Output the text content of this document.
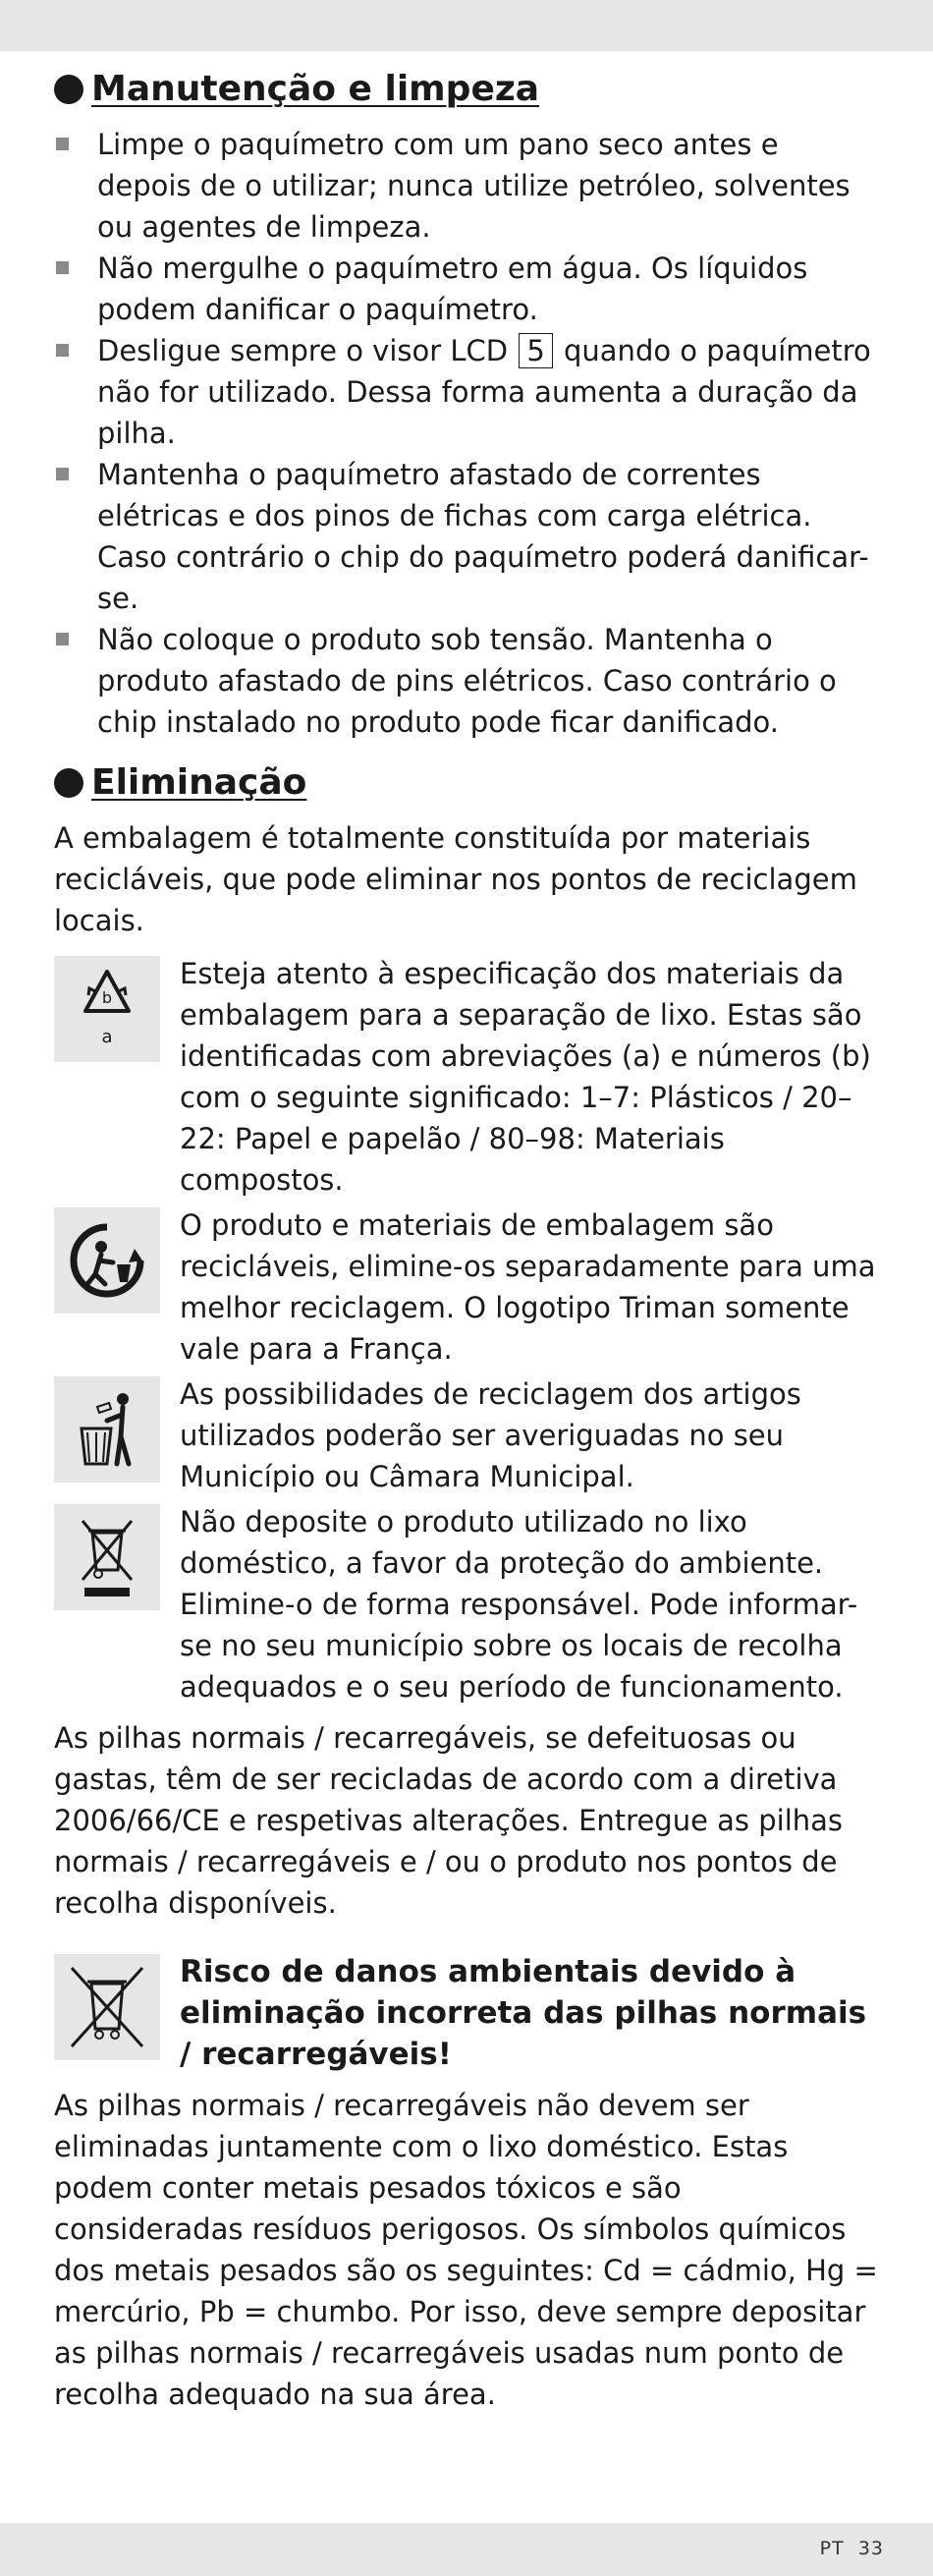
Manutenção e limpeza
Limpe o paquímetro com um pano seco antes e depois de o utilizar; nunca utilize petróleo, solventes ou agentes de limpeza.
Não mergulhe o paquímetro em água. Os líquidos podem danificar o paquímetro.
Desligue sempre o visor LCD 5 quando o paquímetro não for utilizado. Dessa forma aumenta a duração da pilha.
Mantenha o paquímetro afastado de correntes elétricas e dos pinos de fichas com carga elétrica. Caso contrário o chip do paquímetro poderá danificar-se.
Não coloque o produto sob tensão. Mantenha o produto afastado de pins elétricos. Caso contrário o chip instalado no produto pode ficar danificado.
Eliminação

A embalagem é totalmente constituída por materiais recicláveis, que pode eliminar nos pontos de reciclagem locais.

b
a
Esteja atento à especificação dos materiais da embalagem para a separação de lixo. Estas são identificadas com abreviações (a) e números (b) com o seguinte significado: 1–7: Plásticos / 20–22: Papel e papelão / 80–98: Materiais compostos.
O produto e materiais de embalagem são recicláveis, elimine-os separadamente para uma melhor reciclagem. O logotipo Triman somente vale para a França.
As possibilidades de reciclagem dos artigos utilizados poderão ser averiguadas no seu Município ou Câmara Municipal.
Não deposite o produto utilizado no lixo doméstico, a favor da proteção do ambiente. Elimine-o de forma responsável. Pode informar-se no seu município sobre os locais de recolha adequados e o seu período de funcionamento.

As pilhas normais / recarregáveis, se defeituosas ou gastas, têm de ser recicladas de acordo com a diretiva 2006/66/CE e respetivas alterações. Entregue as pilhas normais / recarregáveis e / ou o produto nos pontos de recolha disponíveis.

Risco de danos ambientais devido à eliminação incorreta das pilhas normais / recarregáveis!

As pilhas normais / recarregáveis não devem ser eliminadas juntamente com o lixo doméstico. Estas podem conter metais pesados tóxicos e são consideradas resíduos perigosos. Os símbolos químicos dos metais pesados são os seguintes: Cd = cádmio, Hg = mercúrio, Pb = chumbo. Por isso, deve sempre depositar as pilhas normais / recarregáveis usadas num ponto de recolha adequado na sua área.

PT 33
